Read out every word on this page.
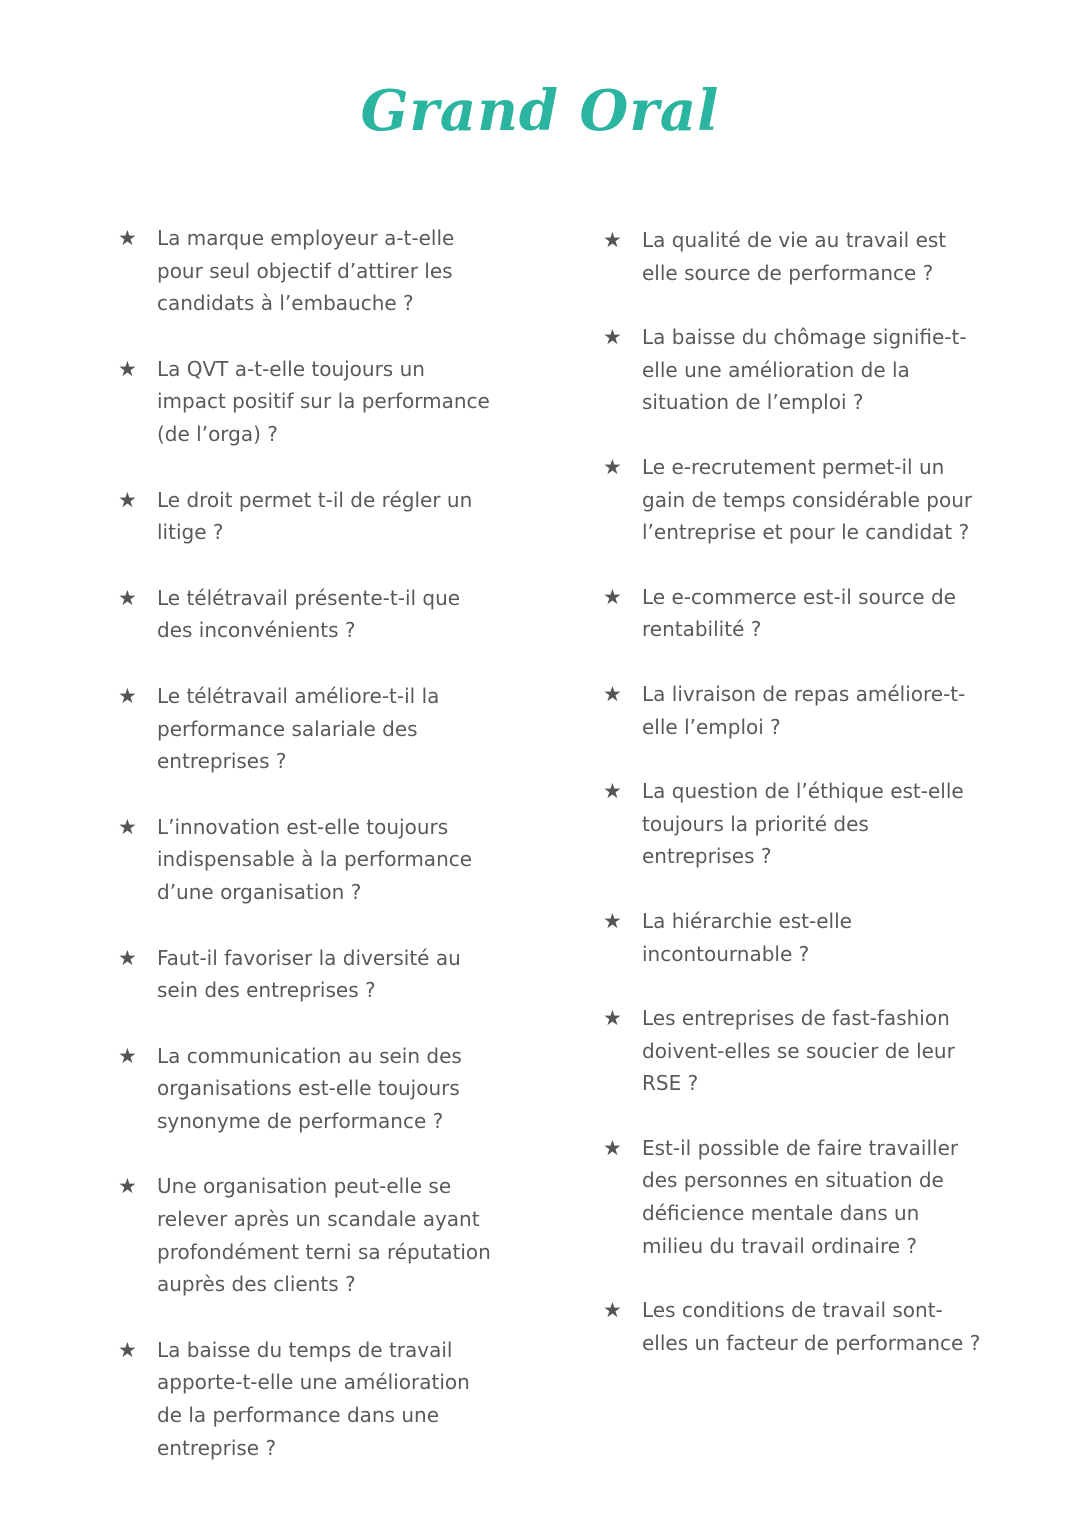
Grand Oral
★ La marque employeur a-t-elle pour seul objectif d’attirer les candidats à l’embauche ?
★ La QVT a-t-elle toujours un impact positif sur la performance (de l’orga) ?
★ Le droit permet t-il de régler un litige ?
★ Le télétravail présente-t-il que des inconvénients ?
★ Le télétravail améliore-t-il la performance salariale des entreprises ?
★ L’innovation est-elle toujours indispensable à la performance d’une organisation ?
★ Faut-il favoriser la diversité au sein des entreprises ?
★ La communication au sein des organisations est-elle toujours synonyme de performance ?
★ Une organisation peut-elle se relever après un scandale ayant profondément terni sa réputation auprès des clients ?
★ La baisse du temps de travail apporte-t-elle une amélioration de la performance dans une entreprise ?
★ La qualité de vie au travail est elle source de performance ?
★ La baisse du chômage signifie-t-elle une amélioration de la situation de l’emploi ?
★ Le e-recrutement permet-il un gain de temps considérable pour l’entreprise et pour le candidat ?
★ Le e-commerce est-il source de rentabilité ?
★ La livraison de repas améliore-t-elle l’emploi ?
★ La question de l’éthique est-elle toujours la priorité des entreprises ?
★ La hiérarchie est-elle incontournable ?
★ Les entreprises de fast-fashion doivent-elles se soucier de leur RSE ?
★ Est-il possible de faire travailler des personnes en situation de déficience mentale dans un milieu du travail ordinaire ?
★ Les conditions de travail sont-elles un facteur de performance ?
